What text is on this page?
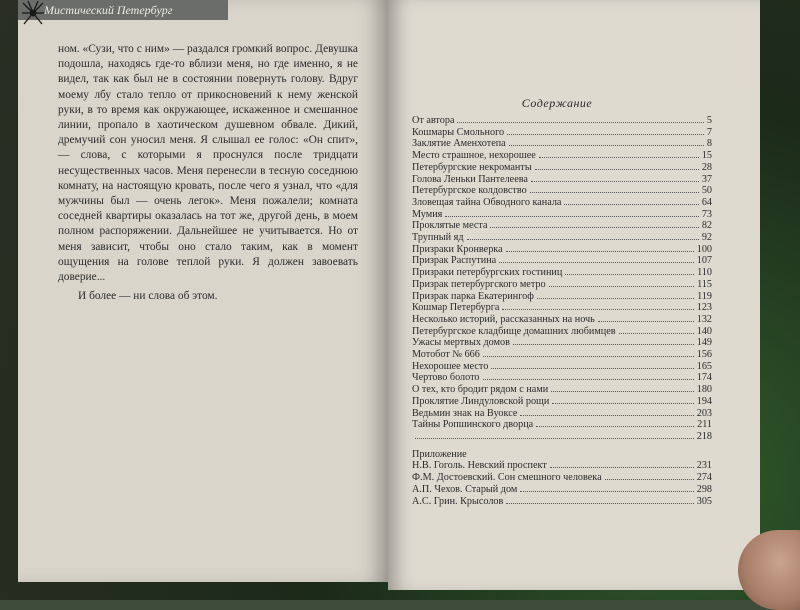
Мистический Петербург

ном. «Сузи, что с ним» — раздался громкий вопрос. Девушка подошла, находясь где-то вблизи меня, но где именно, я не видел, так как был не в состоянии повернуть голову. Вдруг моему лбу стало тепло от прикосновений к нему женской руки, в то время как окружающее, искаженное и смешанное линии, пропало в хаотическом душевном обвале. Дикий, дремучий сон уносил меня. Я слышал ее голос: «Он спит», — слова, с которыми я проснулся после тридцати несущественных часов. Меня перенесли в тесную соседнюю комнату, на настоящую кровать, после чего я узнал, что «для мужчины был — очень легок». Меня пожалели; комната соседней квартиры оказалась на тот же, другой день, в моем полном распоряжении. Дальнейшее не учитывается. Но от меня зависит, чтобы оно стало таким, как в момент ощущения на голове теплой руки. Я должен завоевать доверие...

И более — ни слова об этом.

Содержание
От автора	5
Кошмары Смольного	7
Заклятие Аменхотепа	8
Место страшное, нехорошее	15
Петербургские некроманты	28
Голова Леньки Пантелеева	37
Петербургское колдовство	50
Зловещая тайна Обводного канала	64
Мумия	73
Проклятые места	82
Трупный яд	92
Призраки Кронверка	100
Призрак Распутина	107
Призраки петербургских гостиниц	110
Призрак петербургского метро	115
Призрак парка Екатерингоф	119
Кошмар Петербурга	123
Несколько историй, рассказанных на ночь	132
Петербургское кладбище домашних любимцев	140
Ужасы мертвых домов	149
Мотобот № 666	156
Нехорошее место	165
Чертово болото	174
О тех, кто бродит рядом с нами	180
Проклятие Линдуловской рощи	194
Ведьмин знак на Вуоксе	203
Тайны Ропшинского дворца	211
218
Приложение
Н.В. Гоголь. Невский проспект	231
Ф.М. Достоевский. Сон смешного человека	274
А.П. Чехов. Старый дом	298
А.С. Грин. Крысолов	305
